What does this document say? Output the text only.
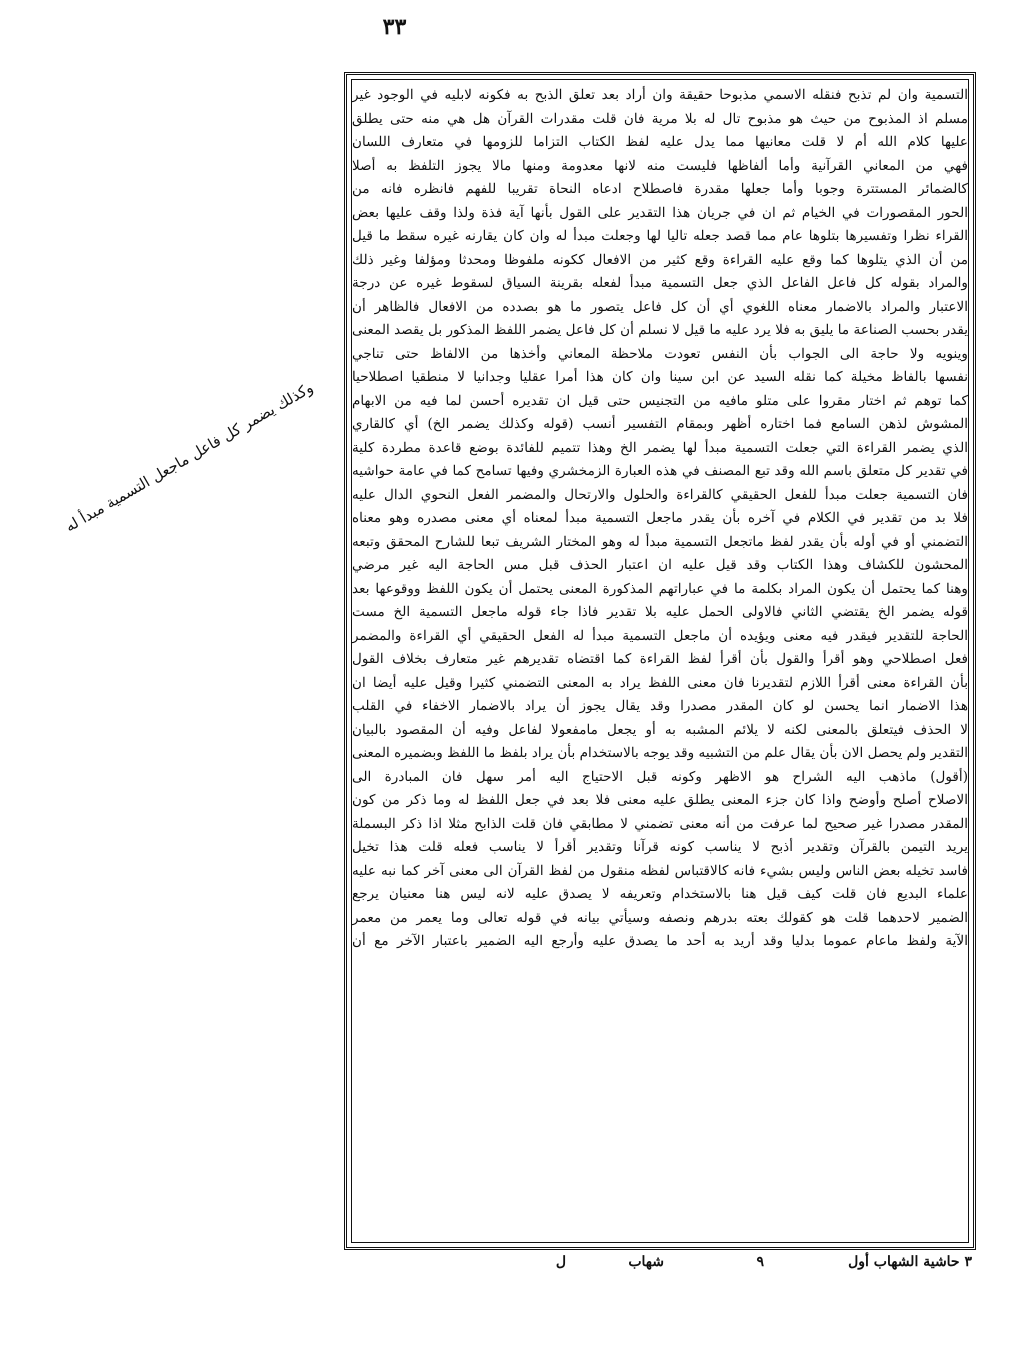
٣٣
وكذلك يضمر كل فاعل ماجعل التسمية مبدأ له
التسمية وان لم تذبح فنقله الاسمي مذبوحا حقيقة وان أراد بعد تعلق الذبح به فكونه لابليه في الوجود غير
مسلم اذ المذبوح من حيث هو مذبوح تال له بلا مرية فان قلت مقدرات القرآن هل هي منه حتى يطلق
عليها كلام الله أم لا قلت معانيها مما يدل عليه لفظ الكتاب التزاما للزومها في متعارف اللسان
فهي من المعاني القرآنية وأما ألفاظها فليست منه لانها معدومة ومنها مالا يجوز التلفظ به أصلا
كالضمائر المستترة وجوبا وأما جعلها مقدرة فاصطلاح ادعاه النحاة تقريبا للفهم فانظره فانه من
الحور المقصورات في الخيام ثم ان في جريان هذا التقدير على القول بأنها آية فذة ولذا وقف عليها بعض
القراء نظرا وتفسيرها بتلوها عام مما قصد جعله تاليا لها وجعلت مبدأ له وان كان يقارنه غيره سقط ما قيل
من أن الذي يتلوها كما وقع عليه القراءة وقع كثير من الافعال ككونه ملفوظا ومحدثا ومؤلفا وغير ذلك
والمراد بقوله كل فاعل الفاعل الذي جعل التسمية مبدأ لفعله بقرينة السياق لسقوط غيره عن درجة
الاعتبار والمراد بالاضمار معناه اللغوي أي أن كل فاعل يتصور ما هو بصدده من الافعال فالظاهر أن
يقدر بحسب الصناعة ما يليق به فلا يرد عليه ما قيل لا نسلم أن كل فاعل يضمر اللفظ المذكور بل يقصد المعنى
وينويه ولا حاجة الى الجواب بأن النفس تعودت ملاحظة المعاني وأخذها من الالفاظ حتى تناجي
نفسها بالفاظ مخيلة كما نقله السيد عن ابن سينا وان كان هذا أمرا عقليا وجدانيا لا منطقيا اصطلاحيا
كما توهم ثم اختار مقروا على متلو مافيه من التجنيس حتى قيل ان تقديره أحسن لما فيه من الابهام
المشوش لذهن السامع فما اختاره أظهر وبمقام التفسير أنسب (قوله وكذلك يضمر الخ) أي كالقاري
الذي يضمر القراءة التي جعلت التسمية مبدأ لها يضمر الخ وهذا تتميم للفائدة بوضع قاعدة مطردة كلية
في تقدير كل متعلق باسم الله وقد تبع المصنف في هذه العبارة الزمخشري وفيها تسامح كما في عامة حواشيه
فان التسمية جعلت مبدأ للفعل الحقيقي كالقراءة والحلول والارتحال والمضمر الفعل النحوي الدال عليه
فلا بد من تقدير في الكلام في آخره بأن يقدر ماجعل التسمية مبدأ لمعناه أي معنى مصدره وهو معناه
التضمني أو في أوله بأن يقدر لفظ ماتجعل التسمية مبدأ له وهو المختار الشريف تبعا للشارح المحقق وتبعه
المحشون للكشاف وهذا الكتاب وقد قيل عليه ان اعتبار الحذف قبل مس الحاجة اليه غير مرضي
وهنا كما يحتمل أن يكون المراد بكلمة ما في عباراتهم المذكورة المعنى يحتمل أن يكون اللفظ ووقوعها بعد
قوله يضمر الخ يقتضي الثاني فالاولى الحمل عليه بلا تقدير فاذا جاء قوله ماجعل التسمية الخ مست
الحاجة للتقدير فيقدر فيه معنى ويؤيده أن ماجعل التسمية مبدأ له الفعل الحقيقي أي القراءة والمضمر
فعل اصطلاحي وهو أقرأ والقول بأن أقرأ لفظ القراءة كما اقتضاه تقديرهم غير متعارف بخلاف القول
بأن القراءة معنى أقرأ اللازم لتقديرنا فان معنى اللفظ يراد به المعنى التضمني كثيرا وقيل عليه أيضا ان
هذا الاضمار انما يحسن لو كان المقدر مصدرا وقد يقال يجوز أن يراد بالاضمار الاخفاء في القلب
لا الحذف فيتعلق بالمعنى لكنه لا يلائم المشبه به أو يجعل مامفعولا لفاعل وفيه أن المقصود بالبيان
التقدير ولم يحصل الان بأن يقال علم من التشبيه وقد يوجه بالاستخدام بأن يراد بلفظ ما اللفظ وبضميره المعنى
(أقول) ماذهب اليه الشراح هو الاظهر وكونه قبل الاحتياج اليه أمر سهل فان المبادرة الى
الاصلاح أصلح وأوضح واذا كان جزء المعنى يطلق عليه معنى فلا بعد في جعل اللفظ له وما ذكر من كون
المقدر مصدرا غير صحيح لما عرفت من أنه معنى تضمني لا مطابقي فان قلت الذابح مثلا اذا ذكر البسملة
يريد التيمن بالقرآن وتقدير أذبح لا يناسب كونه قرآنا وتقدير أقرأ لا يناسب فعله قلت هذا تخيل
فاسد تخيله بعض الناس وليس بشيء فانه كالاقتباس لفظه منقول من لفظ القرآن الى معنى آخر كما نبه عليه
علماء البديع فان قلت كيف قيل هنا بالاستخدام وتعريفه لا يصدق عليه لانه ليس هنا معنيان يرجع
الضمير لاحدهما قلت هو كقولك بعته بدرهم ونصفه وسيأتي بيانه في قوله تعالى وما يعمر من معمر
الآية ولفظ ماعام عموما بدليا وقد أريد به أحد ما يصدق عليه وأرجع اليه الضمير باعتبار الآخر مع أن
٣ حاشية الشهاب أول
٩
شهاب
ل
